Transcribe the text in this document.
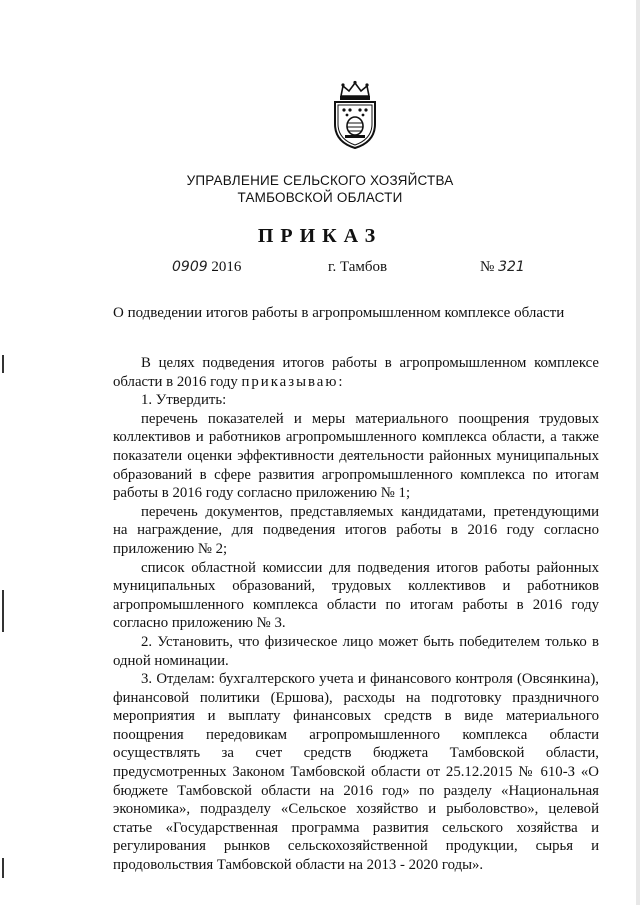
УПРАВЛЕНИЕ СЕЛЬСКОГО ХОЗЯЙСТВА
ТАМБОВСКОЙ ОБЛАСТИ
ПРИКАЗ
0909 2016	г. Тамбов	№ 321
О подведении итогов работы в агропромышленном комплексе области

В целях подведения итогов работы в агропромышленном комплексе области в 2016 году приказываю:

1. Утвердить:

перечень показателей и меры материального поощрения трудовых коллективов и работников агропромышленного комплекса области, а также показатели оценки эффективности деятельности районных муниципальных образований в сфере развития агропромышленного комплекса по итогам работы в 2016 году согласно приложению № 1;

перечень документов, представляемых кандидатами, претендующими на награждение, для подведения итогов работы в 2016 году согласно приложению № 2;

список областной комиссии для подведения итогов работы районных муниципальных образований, трудовых коллективов и работников агропромышленного комплекса области по итогам работы в 2016 году согласно приложению № 3.

2. Установить, что физическое лицо может быть победителем только в одной номинации.

3. Отделам: бухгалтерского учета и финансового контроля (Овсянкина), финансовой политики (Ершова), расходы на подготовку праздничного мероприятия и выплату финансовых средств в виде материального поощрения передовикам агропромышленного комплекса области осуществлять за счет средств бюджета Тамбовской области, предусмотренных Законом Тамбовской области от 25.12.2015 № 610-З «О бюджете Тамбовской области на 2016 год» по разделу «Национальная экономика», подразделу «Сельское хозяйство и рыболовство», целевой статье «Государственная программа развития сельского хозяйства и регулирования рынков сельскохозяйственной продукции, сырья и продовольствия Тамбовской области на 2013 - 2020 годы».
